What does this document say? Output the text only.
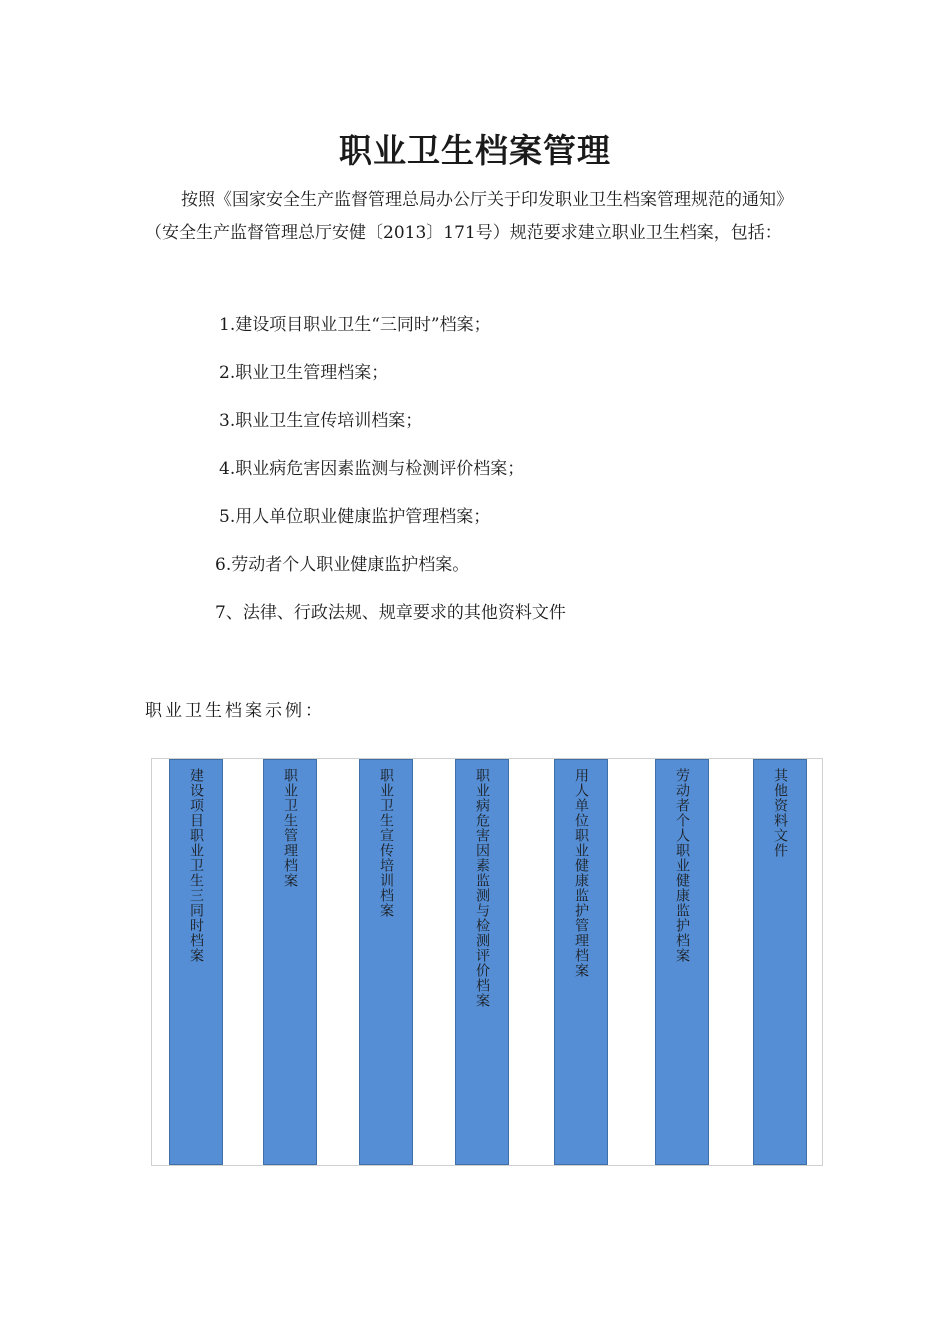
职业卫生档案管理

按照《国家安全生产监督管理总局办公厅关于印发职业卫生档案管理规范的通知》（安全生产监督管理总厅安健〔2013〕171号）规范要求建立职业卫生档案，包括：

1.建设项目职业卫生“三同时”档案；
2.职业卫生管理档案；
3.职业卫生宣传培训档案；
4.职业病危害因素监测与检测评价档案；
5.用人单位职业健康监护管理档案；
6.劳动者个人职业健康监护档案。
7、法律、行政法规、规章要求的其他资料文件
职业卫生档案示例：
建设项目职业卫生三同时档案	职业卫生管理档案	职业卫生宣传培训档案	职业病危害因素监测与检测评价档案	用人单位职业健康监护管理档案	劳动者个人职业健康监护档案	其他资料文件
